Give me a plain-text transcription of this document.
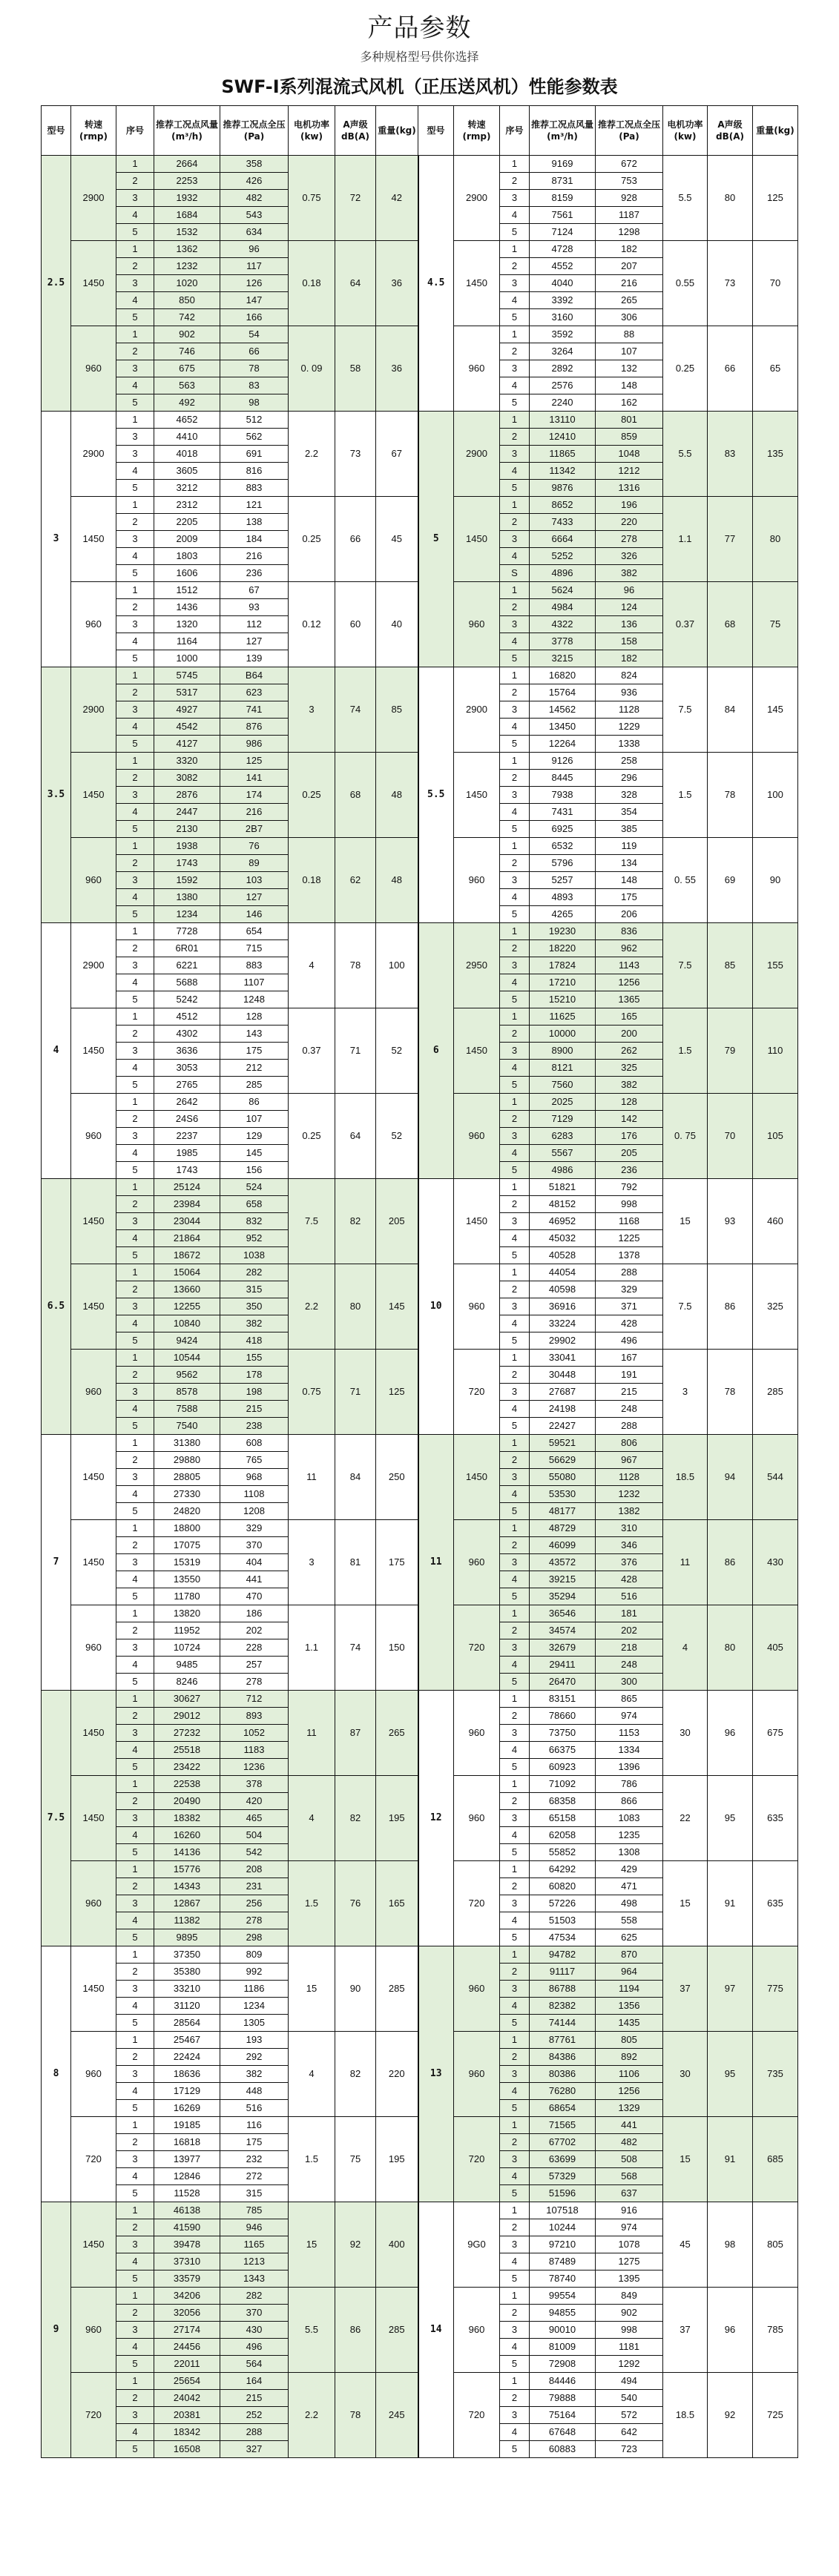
产品参数
多种规格型号供你选择
SWF-I系列混流式风机（正压送风机）性能参数表
型号	转速(rmp)	序号	推荐工况点风量(m³/h)	推荐工况点全压(Pa)	电机功率(kw)	A声级dB(A)	重量(kg)	型号	转速(rmp)	序号	推荐工况点风量(m³/h)	推荐工况点全压(Pa)	电机功率(kw)	A声级dB(A)	重量(kg)
2.5	2900	1	2664	358	0.75	72	42	4.5	2900	1	9169	672	5.5	80	125
		2	2253	426						2	8731	753			
		3	1932	482						3	8159	928			
		4	1684	543						4	7561	1187			
		5	1532	634						5	7124	1298			
	1450	1	1362	96	0.18	64	36		1450	1	4728	182	0.55	73	70
		2	1232	117						2	4552	207			
		3	1020	126						3	4040	216			
		4	850	147						4	3392	265			
		5	742	166						5	3160	306			
	960	1	902	54	0. 09	58	36		960	1	3592	88	0.25	66	65
		2	746	66						2	3264	107			
		3	675	78						3	2892	132			
		4	563	83						4	2576	148			
		5	492	98						5	2240	162			
3	2900	1	4652	512	2.2	73	67	5	2900	1	13110	801	5.5	83	135
		3	4410	562						2	12410	859			
		3	4018	691						3	11865	1048			
		4	3605	816						4	11342	1212			
		5	3212	883						5	9876	1316			
	1450	1	2312	121	0.25	66	45		1450	1	8652	196	1.1	77	80
		2	2205	138						2	7433	220			
		3	2009	184						3	6664	278			
		4	1803	216						4	5252	326			
		5	1606	236						S	4896	382			
	960	1	1512	67	0.12	60	40		960	1	5624	96	0.37	68	75
		2	1436	93						2	4984	124			
		3	1320	112						3	4322	136			
		4	1164	127						4	3778	158			
		5	1000	139						5	3215	182			
3.5	2900	1	5745	B64	3	74	85	5.5	2900	1	16820	824	7.5	84	145
		2	5317	623						2	15764	936			
		3	4927	741						3	14562	1128			
		4	4542	876						4	13450	1229			
		5	4127	986						5	12264	1338			
	1450	1	3320	125	0.25	68	48		1450	1	9126	258	1.5	78	100
		2	3082	141						2	8445	296			
		3	2876	174						3	7938	328			
		4	2447	216						4	7431	354			
		5	2130	2B7						5	6925	385			
	960	1	1938	76	0.18	62	48		960	1	6532	119	0. 55	69	90
		2	1743	89						2	5796	134			
		3	1592	103						3	5257	148			
		4	1380	127						4	4893	175			
		5	1234	146						5	4265	206			
4	2900	1	7728	654	4	78	100	6	2950	1	19230	836	7.5	85	155
		2	6R01	715						2	18220	962			
		3	6221	883						3	17824	1143			
		4	5688	1107						4	17210	1256			
		5	5242	1248						5	15210	1365			
	1450	1	4512	128	0.37	71	52		1450	1	11625	165	1.5	79	110
		2	4302	143						2	10000	200			
		3	3636	175						3	8900	262			
		4	3053	212						4	8121	325			
		5	2765	285						5	7560	382			
	960	1	2642	86	0.25	64	52		960	1	2025	128	0. 75	70	105
		2	24S6	107						2	7129	142			
		3	2237	129						3	6283	176			
		4	1985	145						4	5567	205			
		5	1743	156						5	4986	236			
6.5	1450	1	25124	524	7.5	82	205	10	1450	1	51821	792	15	93	460
		2	23984	658						2	48152	998			
		3	23044	832						3	46952	1168			
		4	21864	952						4	45032	1225			
		5	18672	1038						5	40528	1378			
	1450	1	15064	282	2.2	80	145		960	1	44054	288	7.5	86	325
		2	13660	315						2	40598	329			
		3	12255	350						3	36916	371			
		4	10840	382						4	33224	428			
		5	9424	418						5	29902	496			
	960	1	10544	155	0.75	71	125		720	1	33041	167	3	78	285
		2	9562	178						2	30448	191			
		3	8578	198						3	27687	215			
		4	7588	215						4	24198	248			
		5	7540	238						5	22427	288			
7	1450	1	31380	608	11	84	250	11	1450	1	59521	806	18.5	94	544
		2	29880	765						2	56629	967			
		3	28805	968						3	55080	1128			
		4	27330	1108						4	53530	1232			
		5	24820	1208						5	48177	1382			
	1450	1	18800	329	3	81	175		960	1	48729	310	11	86	430
		2	17075	370						2	46099	346			
		3	15319	404						3	43572	376			
		4	13550	441						4	39215	428			
		5	11780	470						5	35294	516			
	960	1	13820	186	1.1	74	150		720	1	36546	181	4	80	405
		2	11952	202						2	34574	202			
		3	10724	228						3	32679	218			
		4	9485	257						4	29411	248			
		5	8246	278						5	26470	300			
7.5	1450	1	30627	712	11	87	265	12	960	1	83151	865	30	96	675
		2	29012	893						2	78660	974			
		3	27232	1052						3	73750	1153			
		4	25518	1183						4	66375	1334			
		5	23422	1236						5	60923	1396			
	1450	1	22538	378	4	82	195		960	1	71092	786	22	95	635
		2	20490	420						2	68358	866			
		3	18382	465						3	65158	1083			
		4	16260	504						4	62058	1235			
		5	14136	542						5	55852	1308			
	960	1	15776	208	1.5	76	165		720	1	64292	429	15	91	635
		2	14343	231						2	60820	471			
		3	12867	256						3	57226	498			
		4	11382	278						4	51503	558			
		5	9895	298						5	47534	625			
8	1450	1	37350	809	15	90	285	13	960	1	94782	870	37	97	775
		2	35380	992						2	91117	964			
		3	33210	1186						3	86788	1194			
		4	31120	1234						4	82382	1356			
		5	28564	1305						5	74144	1435			
	960	1	25467	193	4	82	220		960	1	87761	805	30	95	735
		2	22424	292						2	84386	892			
		3	18636	382						3	80386	1106			
		4	17129	448						4	76280	1256			
		5	16269	516						5	68654	1329			
	720	1	19185	116	1.5	75	195		720	1	71565	441	15	91	685
		2	16818	175						2	67702	482			
		3	13977	232						3	63699	508			
		4	12846	272						4	57329	568			
		5	11528	315						5	51596	637			
9	1450	1	46138	785	15	92	400	14	9G0	1	107518	916	45	98	805
		2	41590	946						2	10244	974			
		3	39478	1165						3	97210	1078			
		4	37310	1213						4	87489	1275			
		5	33579	1343						5	78740	1395			
	960	1	34206	282	5.5	86	285		960	1	99554	849	37	96	785
		2	32056	370						2	94855	902			
		3	27174	430						3	90010	998			
		4	24456	496						4	81009	1181			
		5	22011	564						5	72908	1292			
	720	1	25654	164	2.2	78	245		720	1	84446	494	18.5	92	725
		2	24042	215						2	79888	540			
		3	20381	252						3	75164	572			
		4	18342	288						4	67648	642			
		5	16508	327						5	60883	723			
